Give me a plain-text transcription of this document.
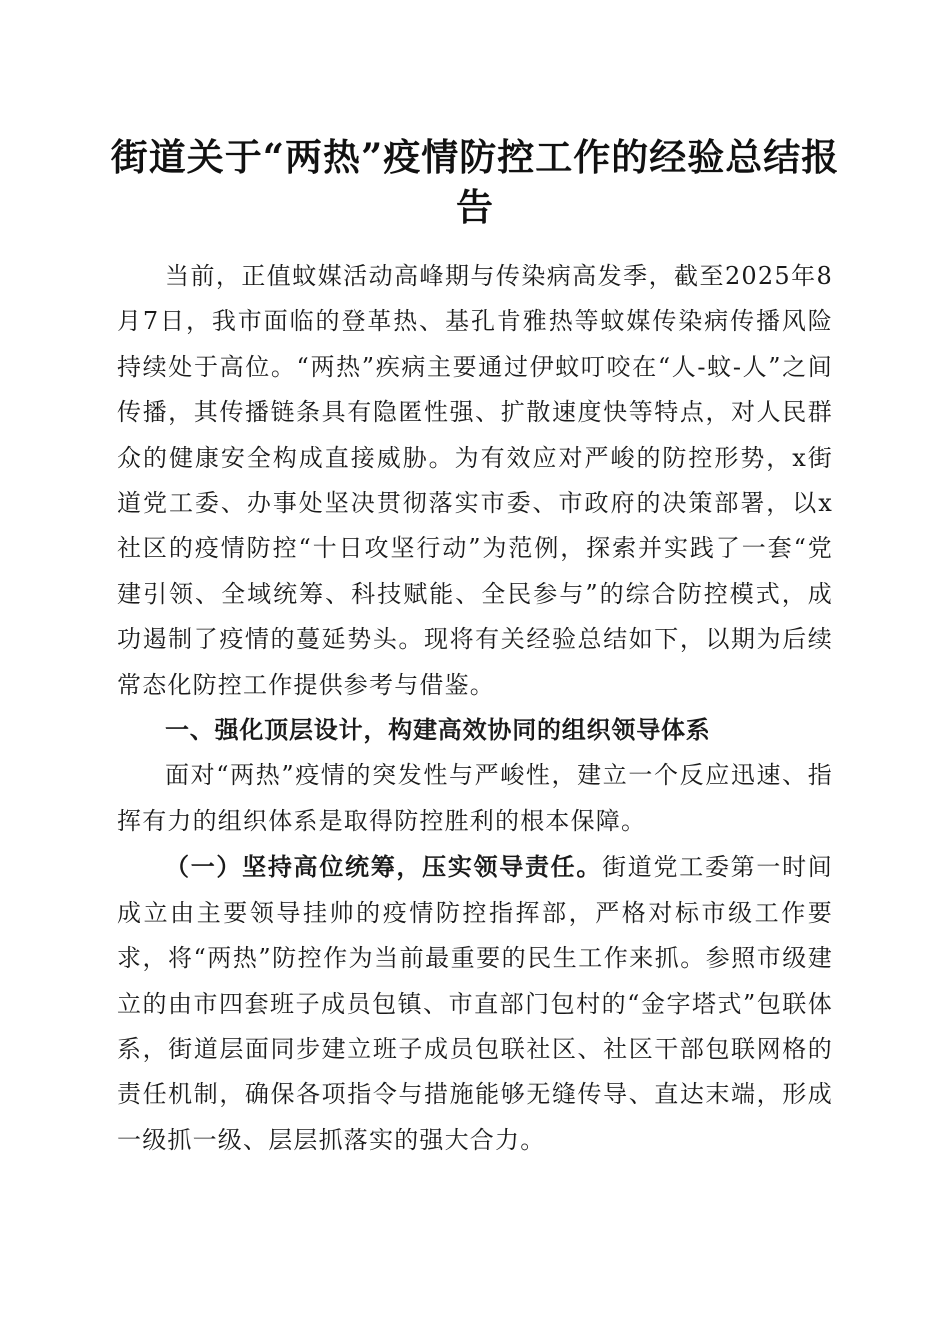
街道关于“两热”疫情防控工作的经验总结报告

当前，正值蚊媒活动高峰期与传染病高发季，截至2025年8月7日，我市面临的登革热、基孔肯雅热等蚊媒传染病传播风险持续处于高位。“两热”疾病主要通过伊蚊叮咬在“人-蚊-人”之间传播，其传播链条具有隐匿性强、扩散速度快等特点，对人民群众的健康安全构成直接威胁。为有效应对严峻的防控形势，x街道党工委、办事处坚决贯彻落实市委、市政府的决策部署，以x社区的疫情防控“十日攻坚行动”为范例，探索并实践了一套“党建引领、全域统筹、科技赋能、全民参与”的综合防控模式，成功遏制了疫情的蔓延势头。现将有关经验总结如下，以期为后续常态化防控工作提供参考与借鉴。

一、强化顶层设计，构建高效协同的组织领导体系

面对“两热”疫情的突发性与严峻性，建立一个反应迅速、指挥有力的组织体系是取得防控胜利的根本保障。

（一）坚持高位统筹，压实领导责任。街道党工委第一时间成立由主要领导挂帅的疫情防控指挥部，严格对标市级工作要求，将“两热”防控作为当前最重要的民生工作来抓。参照市级建立的由市四套班子成员包镇、市直部门包村的“金字塔式”包联体系，街道层面同步建立班子成员包联社区、社区干部包联网格的责任机制，确保各项指令与措施能够无缝传导、直达末端，形成一级抓一级、层层抓落实的强大合力。
